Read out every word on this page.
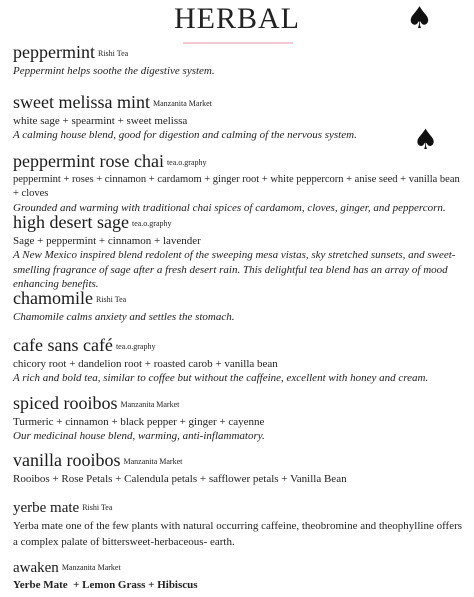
HERBAL	♠
♠
peppermint Rishi Tea
Peppermint helps soothe the digestive system.
sweet melissa mint Manzanita Market
white sage + spearmint + sweet melissa
A calming house blend, good for digestion and calming of the nervous system.
peppermint rose chai tea.o.graphy
peppermint + roses + cinnamon + cardamom + ginger root + white peppercorn + anise seed + vanilla bean + cloves
Grounded and warming with traditional chai spices of cardamom, cloves, ginger, and peppercorn.
high desert sage tea.o.graphy
Sage + peppermint + cinnamon + lavender
A New Mexico inspired blend redolent of the sweeping mesa vistas, sky stretched sunsets, and sweet-smelling fragrance of sage after a fresh desert rain. This delightful tea blend has an array of mood enhancing benefits.
chamomile Rishi Tea
Chamomile calms anxiety and settles the stomach.
cafe sans café tea.o.graphy
chicory root + dandelion root + roasted carob + vanilla bean
A rich and bold tea, similar to coffee but without the caffeine, excellent with honey and cream.
spiced rooibos Manzanita Market
Turmeric + cinnamon + black pepper + ginger + cayenne
Our medicinal house blend, warming, anti-inflammatory.
vanilla rooibos Manzanita Market
Rooibos + Rose Petals + Calendula petals + safflower petals + Vanilla Bean
yerbe mate Rishi Tea
Yerba mate one of the few plants with natural occurring caffeine, theobromine and theophylline offers a complex palate of bittersweet-herbaceous- earth.
awaken Manzanita Market
Yerbe Mate  + Lemon Grass + Hibiscus
